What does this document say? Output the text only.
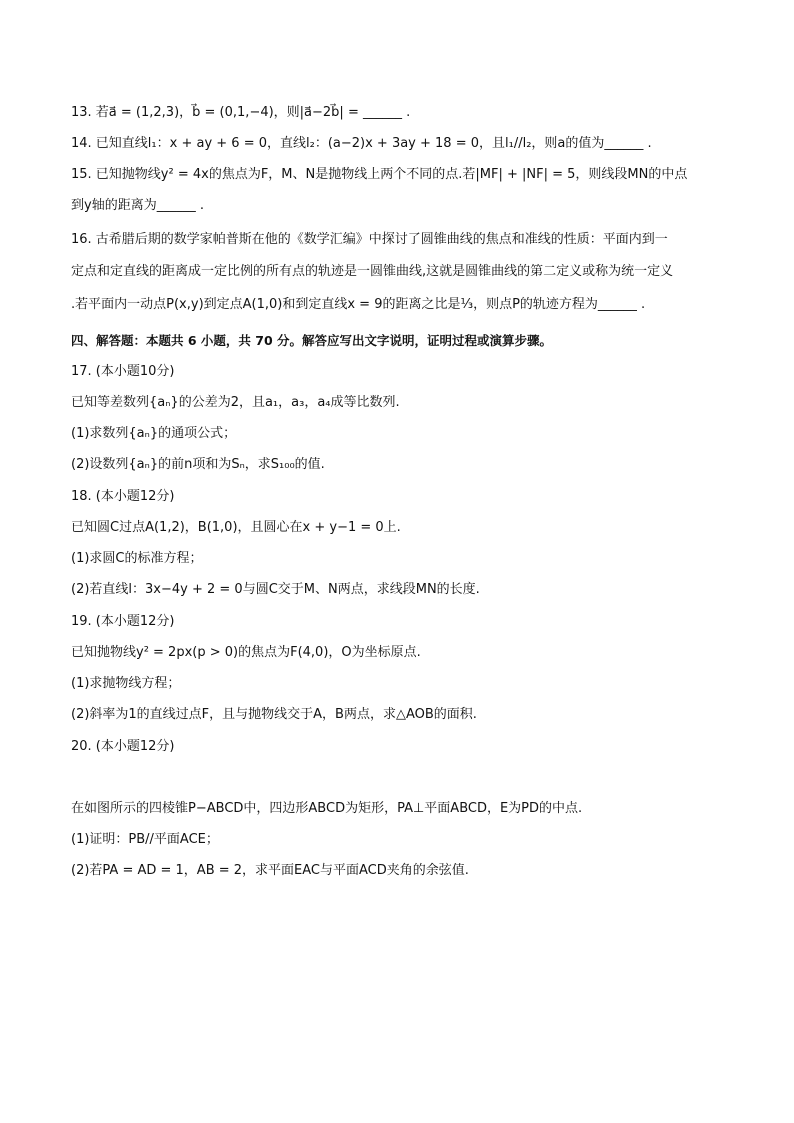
13. 若a⃗ = (1,2,3)，b⃗ = (0,1,−4)，则|a⃗−2b⃗| = ______ .
14. 已知直线l₁：x + ay + 6 = 0，直线l₂：(a−2)x + 3ay + 18 = 0，且l₁//l₂，则a的值为______ .
15. 已知抛物线y² = 4x的焦点为F，M、N是抛物线上两个不同的点.若|MF| + |NF| = 5，则线段MN的中点
到y轴的距离为______ .
16. 古希腊后期的数学家帕普斯在他的《数学汇编》中探讨了圆锥曲线的焦点和准线的性质：平面内到一
定点和定直线的距离成一定比例的所有点的轨迹是一圆锥曲线,这就是圆锥曲线的第二定义或称为统一定义
.若平面内一动点P(x,y)到定点A(1,0)和到定直线x = 9的距离之比是⅓，则点P的轨迹方程为______ .
四、解答题：本题共 6 小题，共 70 分。解答应写出文字说明，证明过程或演算步骤。
17. (本小题10分)
已知等差数列{aₙ}的公差为2，且a₁，a₃，a₄成等比数列.
(1)求数列{aₙ}的通项公式；
(2)设数列{aₙ}的前n项和为Sₙ，求S₁₀₀的值.
18. (本小题12分)
已知圆C过点A(1,2)，B(1,0)，且圆心在x + y−1 = 0上.
(1)求圆C的标准方程；
(2)若直线l：3x−4y + 2 = 0与圆C交于M、N两点，求线段MN的长度.
19. (本小题12分)
已知抛物线y² = 2px(p > 0)的焦点为F(4,0)，O为坐标原点.
(1)求抛物线方程；
(2)斜率为1的直线过点F，且与抛物线交于A，B两点，求△AOB的面积.
20. (本小题12分)
在如图所示的四棱锥P−ABCD中，四边形ABCD为矩形，PA⊥平面ABCD，E为PD的中点.
(1)证明：PB//平面ACE；
(2)若PA = AD = 1，AB = 2，求平面EAC与平面ACD夹角的余弦值.
